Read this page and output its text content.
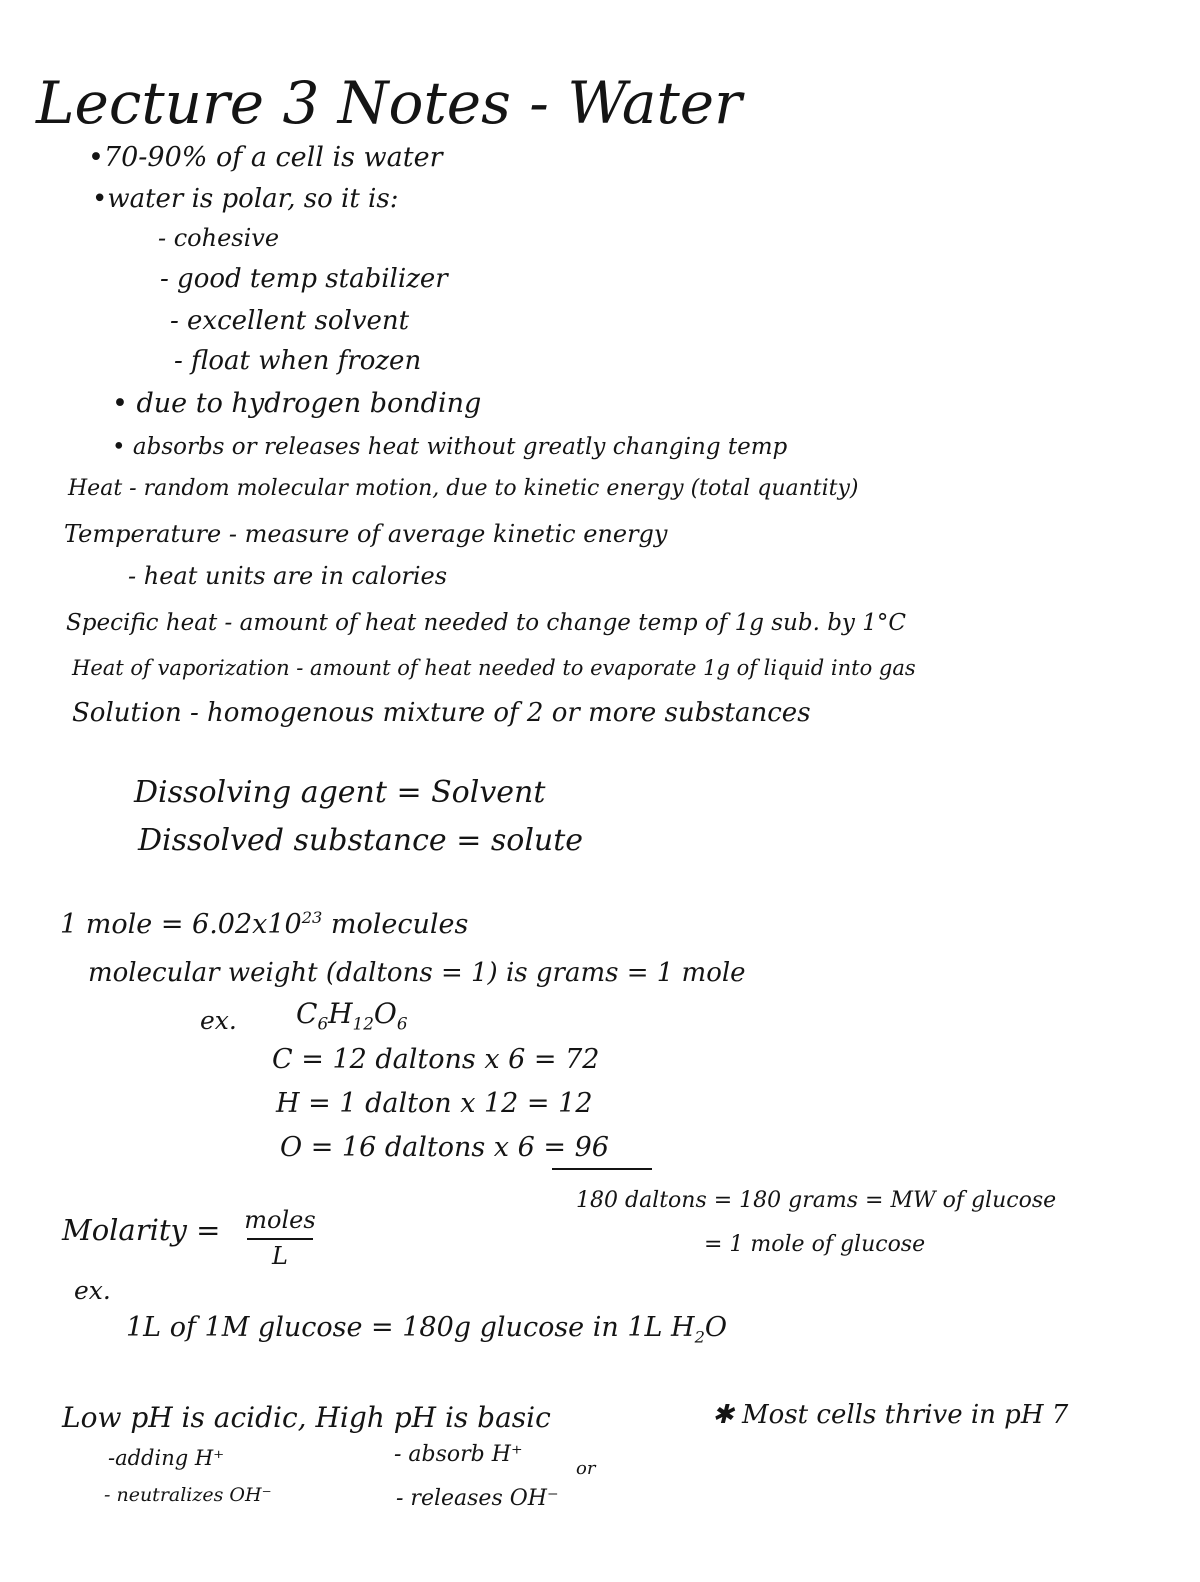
Lecture 3 Notes - Water
•70-90% of a cell is water
•water is polar, so it is:
- cohesive
- good temp stabilizer
- excellent solvent
- float when frozen
• due to hydrogen bonding
• absorbs or releases heat without greatly changing temp
Heat - random molecular motion, due to kinetic energy (total quantity)
Temperature - measure of average kinetic energy
- heat units are in calories
Specific heat - amount of heat needed to change temp of 1g sub. by 1°C
Heat of vaporization - amount of heat needed to evaporate 1g of liquid into gas
Solution - homogenous mixture of 2 or more substances
Dissolving agent = Solvent
Dissolved substance = solute
1 mole = $6.02x10^{23}$ molecules
molecular weight (daltons = 1) is grams = 1 mole
ex. $C_6H_{12}O_6$
C = 12 daltons x 6 = 72
H = 1 dalton x 12 = 12
O = 16 daltons x 6 = 96
180 daltons = 180 grams = MW of glucose
= 1 mole of glucose
Molarity = moles
L
ex.
1L of 1M glucose = 180g glucose in 1L $H_2O$
Low pH is acidic, High pH is basic	✱ Most cells thrive in pH 7
-adding H⁺
- neutralizes OH⁻
- absorb H⁺
or
- releases OH⁻
